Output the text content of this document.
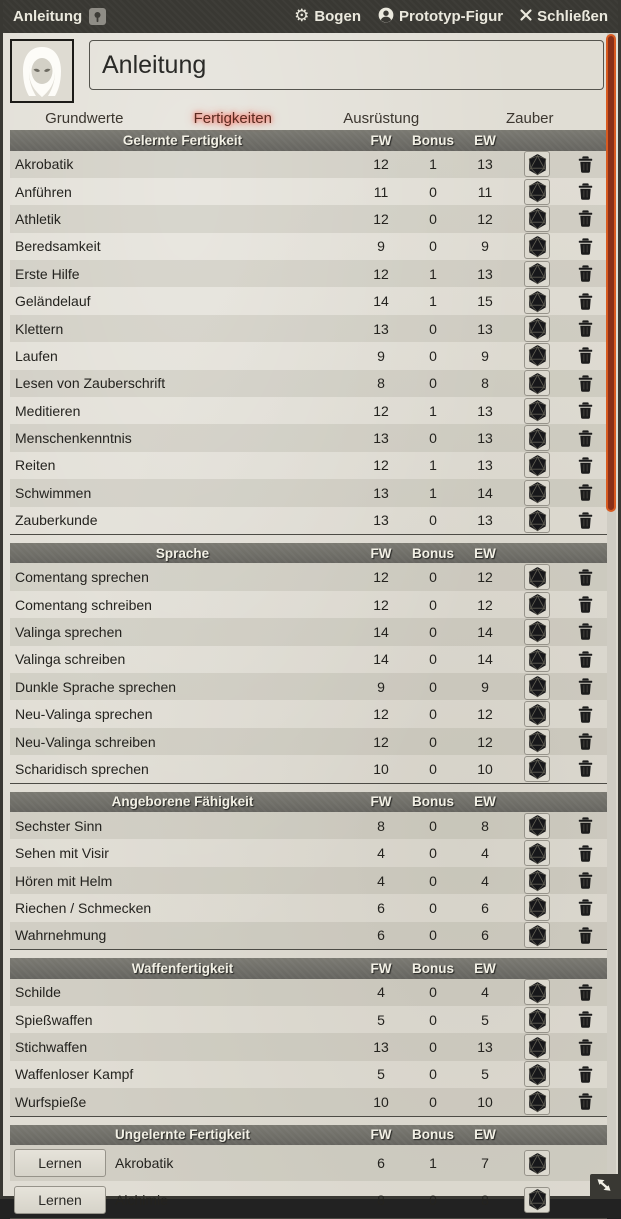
Anleitung	⚙ Bogen	Prototyp-Figur Schließen
Anleitung
Grundwerte	Fertigkeiten	Ausrüstung	Zauber
Gelernte Fertigkeit	FW	Bonus	EW
Akrobatik	12	1	13
Anführen	11	0	11
Athletik	12	0	12
Beredsamkeit	9	0	9
Erste Hilfe	12	1	13
Geländelauf	14	1	15
Klettern	13	0	13
Laufen	9	0	9
Lesen von Zauberschrift	8	0	8
Meditieren	12	1	13
Menschenkenntnis	13	0	13
Reiten	12	1	13
Schwimmen	13	1	14
Zauberkunde	13	0	13
Sprache	FW	Bonus	EW
Comentang sprechen	12	0	12
Comentang schreiben	12	0	12
Valinga sprechen	14	0	14
Valinga schreiben	14	0	14
Dunkle Sprache sprechen	9	0	9
Neu-Valinga sprechen	12	0	12
Neu-Valinga schreiben	12	0	12
Scharidisch sprechen	10	0	10
Angeborene Fähigkeit	FW	Bonus	EW
Sechster Sinn	8	0	8
Sehen mit Visir	4	0	4
Hören mit Helm	4	0	4
Riechen / Schmecken	6	0	6
Wahrnehmung	6	0	6
Waffenfertigkeit	FW	Bonus	EW
Schilde	4	0	4
Spießwaffen	5	0	5
Stichwaffen	13	0	13
Waffenloser Kampf	5	0	5
Wurfspieße	10	0	10
Ungelernte Fertigkeit	FW	Bonus	EW
Lernen	Akrobatik	6	1	7
Lernen	Alchimie	8	0	8
